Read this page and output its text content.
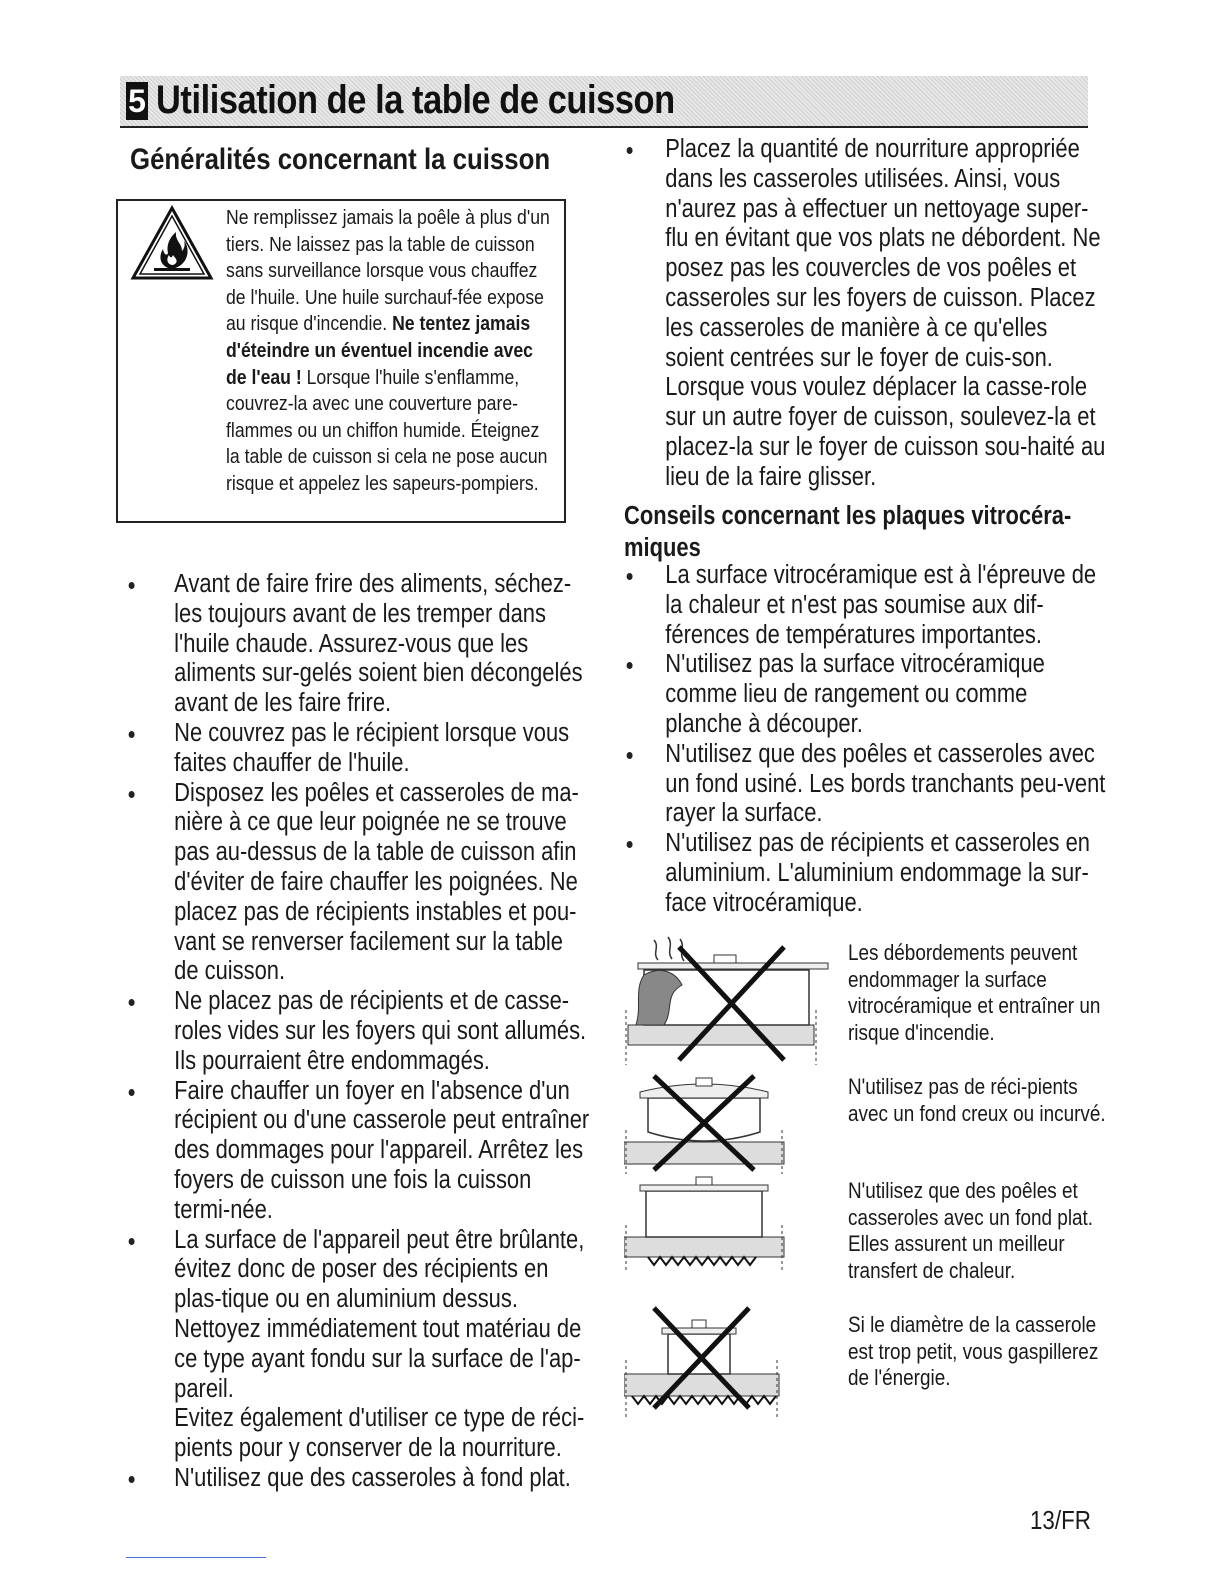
5 Utilisation de la table de cuisson
Généralités concernant la cuisson
Ne remplissez jamais la poêle à plus d'un tiers. Ne laissez pas la table de cuisson sans surveillance lorsque vous chauffez de l'huile. Une huile surchauf-fée expose au risque d'incendie. Ne tentez jamais d'éteindre un éventuel incendie avec de l'eau ! Lorsque l'huile s'enflamme, couvrez-la avec une couverture pare-flammes ou un chiffon humide. Éteignez la table de cuisson si cela ne pose aucun risque et appelez les sapeurs-pompiers.
Avant de faire frire des aliments, séchez-les toujours avant de les tremper dans l'huile chaude. Assurez-vous que les aliments sur-gelés soient bien décongelés avant de les faire frire.
Ne couvrez pas le récipient lorsque vous faites chauffer de l'huile.
Disposez les poêles et casseroles de ma-nière à ce que leur poignée ne se trouve pas au-dessus de la table de cuisson afin d'éviter de faire chauffer les poignées. Ne placez pas de récipients instables et pou-vant se renverser facilement sur la table de cuisson.
Ne placez pas de récipients et de casse-roles vides sur les foyers qui sont allumés. Ils pourraient être endommagés.
Faire chauffer un foyer en l'absence d'un récipient ou d'une casserole peut entraîner des dommages pour l'appareil. Arrêtez les foyers de cuisson une fois la cuisson termi-née.
La surface de l'appareil peut être brûlante, évitez donc de poser des récipients en plas-tique ou en aluminium dessus.
Nettoyez immédiatement tout matériau de ce type ayant fondu sur la surface de l'ap-pareil.
Evitez également d'utiliser ce type de réci-pients pour y conserver de la nourriture.
N'utilisez que des casseroles à fond plat.
Placez la quantité de nourriture appropriée dans les casseroles utilisées. Ainsi, vous n'aurez pas à effectuer un nettoyage super-flu en évitant que vos plats ne débordent. Ne posez pas les couvercles de vos poêles et casseroles sur les foyers de cuisson. Placez les casseroles de manière à ce qu'elles soient centrées sur le foyer de cuis-son. Lorsque vous voulez déplacer la casse-role sur un autre foyer de cuisson, soulevez-la et placez-la sur le foyer de cuisson sou-haité au lieu de la faire glisser.
Conseils concernant les plaques vitrocéra-miques
La surface vitrocéramique est à l'épreuve de la chaleur et n'est pas soumise aux dif-férences de températures importantes.
N'utilisez pas la surface vitrocéramique comme lieu de rangement ou comme planche à découper.
N'utilisez que des poêles et casseroles avec un fond usiné. Les bords tranchants peu-vent rayer la surface.
N'utilisez pas de récipients et casseroles en aluminium. L'aluminium endommage la sur-face vitrocéramique.
Les débordements peuvent endommager la surface vitrocéramique et entraîner un risque d'incendie.
N'utilisez pas de réci-pients avec un fond creux ou incurvé.
N'utilisez que des poêles et casseroles avec un fond plat. Elles assurent un meilleur transfert de chaleur.
Si le diamètre de la casserole est trop petit, vous gaspillerez de l'énergie.
13/FR
